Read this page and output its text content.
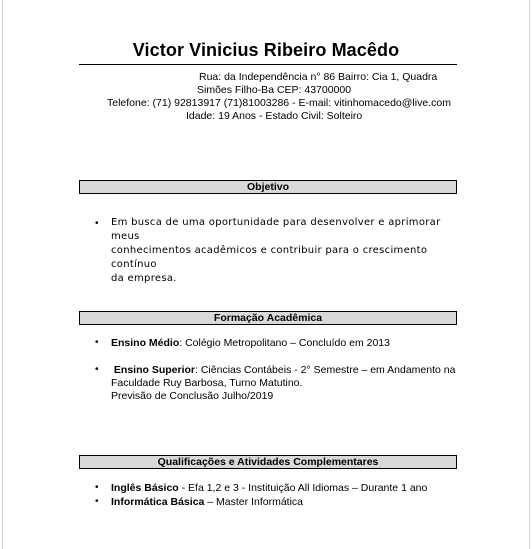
Victor Vinicius Ribeiro Macêdo
Rua: da Independência n° 86 Bairro: Cia 1, Quadra
Simões Filho-Ba CEP: 43700000
Telefone: (71) 92813917 (71)81003286 - E-mail: vitinhomacedo@live.com
Idade: 19 Anos - Estado Civil: Solteiro
Objetivo
• Em busca de uma oportunidade para desenvolver e aprimorar meus
conhecimentos acadêmicos e contribuir para o crescimento contínuo
da empresa.
Formação Acadêmica
• Ensino Médio: Colégio Metropolitano – Concluído em 2013
• Ensino Superior: Ciências Contábeis - 2° Semestre – em Andamento na
Faculdade Ruy Barbosa, Turno Matutino.
Previsão de Conclusão Julho/2019
Qualificações e Atividades Complementares
• Inglês Básico - Efa 1,2 e 3 - Instituição All Idiomas – Durante 1 ano
• Informática Básica – Master Informática
